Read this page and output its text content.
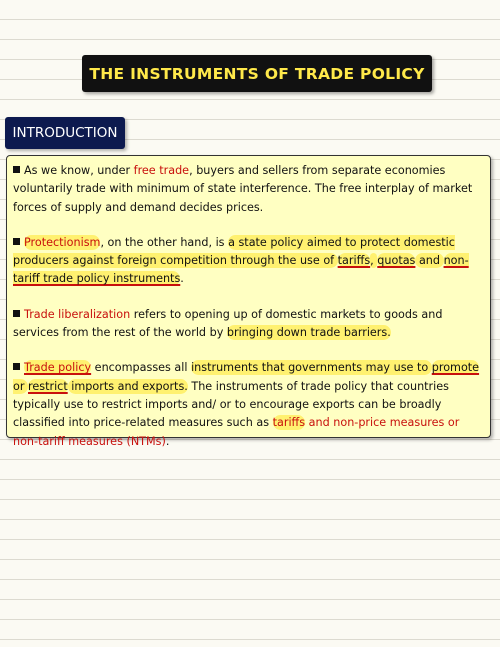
THE INSTRUMENTS OF TRADE POLICY
INTRODUCTION

As we know, under free trade, buyers and sellers from separate economies voluntarily trade with minimum of state interference. The free interplay of market forces of supply and demand decides prices.

Protectionism, on the other hand, is a state policy aimed to protect domestic producers against foreign competition through the use of tariffs, quotas and non-tariff trade policy instruments.

Trade liberalization refers to opening up of domestic markets to goods and services from the rest of the world by bringing down trade barriers.

Trade policy encompasses all instruments that governments may use to promote or restrict imports and exports. The instruments of trade policy that countries typically use to restrict imports and/ or to encourage exports can be broadly classified into price-related measures such as tariffs and non-price measures or non-tariff measures (NTMs).
